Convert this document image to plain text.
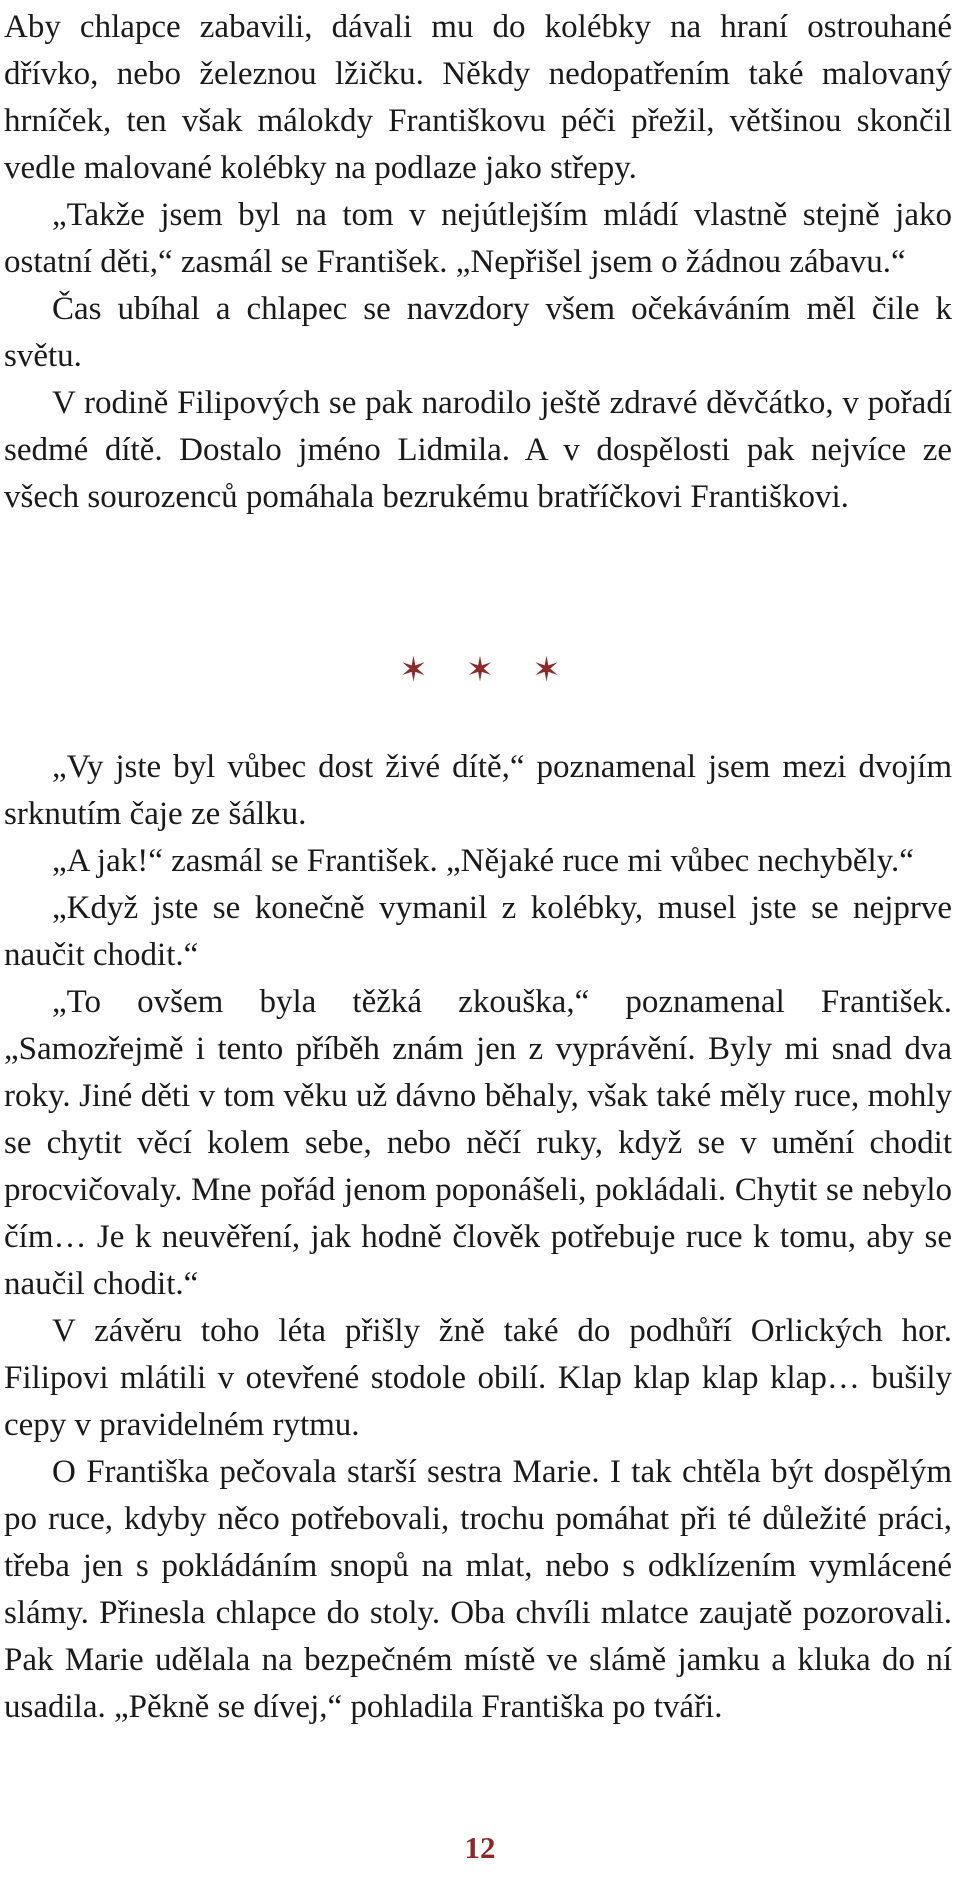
Aby chlapce zabavili, dávali mu do kolébky na hraní ostrouhané dřívko, nebo železnou lžičku. Někdy nedopatřením také malovaný hrníček, ten však málokdy Františkovu péči přežil, většinou skončil vedle malované kolébky na podlaze jako střepy.

„Takže jsem byl na tom v nejútlejším mládí vlastně stejně jako ostatní děti,“ zasmál se František. „Nepřišel jsem o žádnou zábavu.“

Čas ubíhal a chlapec se navzdory všem očekáváním měl čile k světu.

V rodině Filipových se pak narodilo ještě zdravé děvčátko, v pořadí sedmé dítě. Dostalo jméno Lidmila. A v dospělosti pak nejvíce ze všech sourozenců pomáhala bezrukému bratříčkovi Františkovi.

✶✶✶

„Vy jste byl vůbec dost živé dítě,“ poznamenal jsem mezi dvojím srknutím čaje ze šálku.

„A jak!“ zasmál se František. „Nějaké ruce mi vůbec nechyběly.“

„Když jste se konečně vymanil z kolébky, musel jste se nejprve naučit chodit.“

„To ovšem byla těžká zkouška,“ poznamenal František. „Samozřejmě i tento příběh znám jen z vyprávění. Byly mi snad dva roky. Jiné děti v tom věku už dávno běhaly, však také měly ruce, mohly se chytit věcí kolem sebe, nebo něčí ruky, když se v umění chodit procvičovaly. Mne pořád jenom poponášeli, pokládali. Chytit se nebylo čím… Je k neuvěření, jak hodně člověk potřebuje ruce k tomu, aby se naučil chodit.“

V závěru toho léta přišly žně také do podhůří Orlických hor. Filipovi mlátili v otevřené stodole obilí. Klap klap klap klap… bušily cepy v pravidelném rytmu.

O Františka pečovala starší sestra Marie. I tak chtěla být dospělým po ruce, kdyby něco potřebovali, trochu pomáhat při té důležité práci, třeba jen s pokládáním snopů na mlat, nebo s odklízením vymlácené slámy. Přinesla chlapce do stoly. Oba chvíli mlatce zaujatě pozorovali. Pak Marie udělala na bezpečném místě ve slámě jamku a kluka do ní usadila. „Pěkně se dívej,“ pohladila Františka po tváři.

12
